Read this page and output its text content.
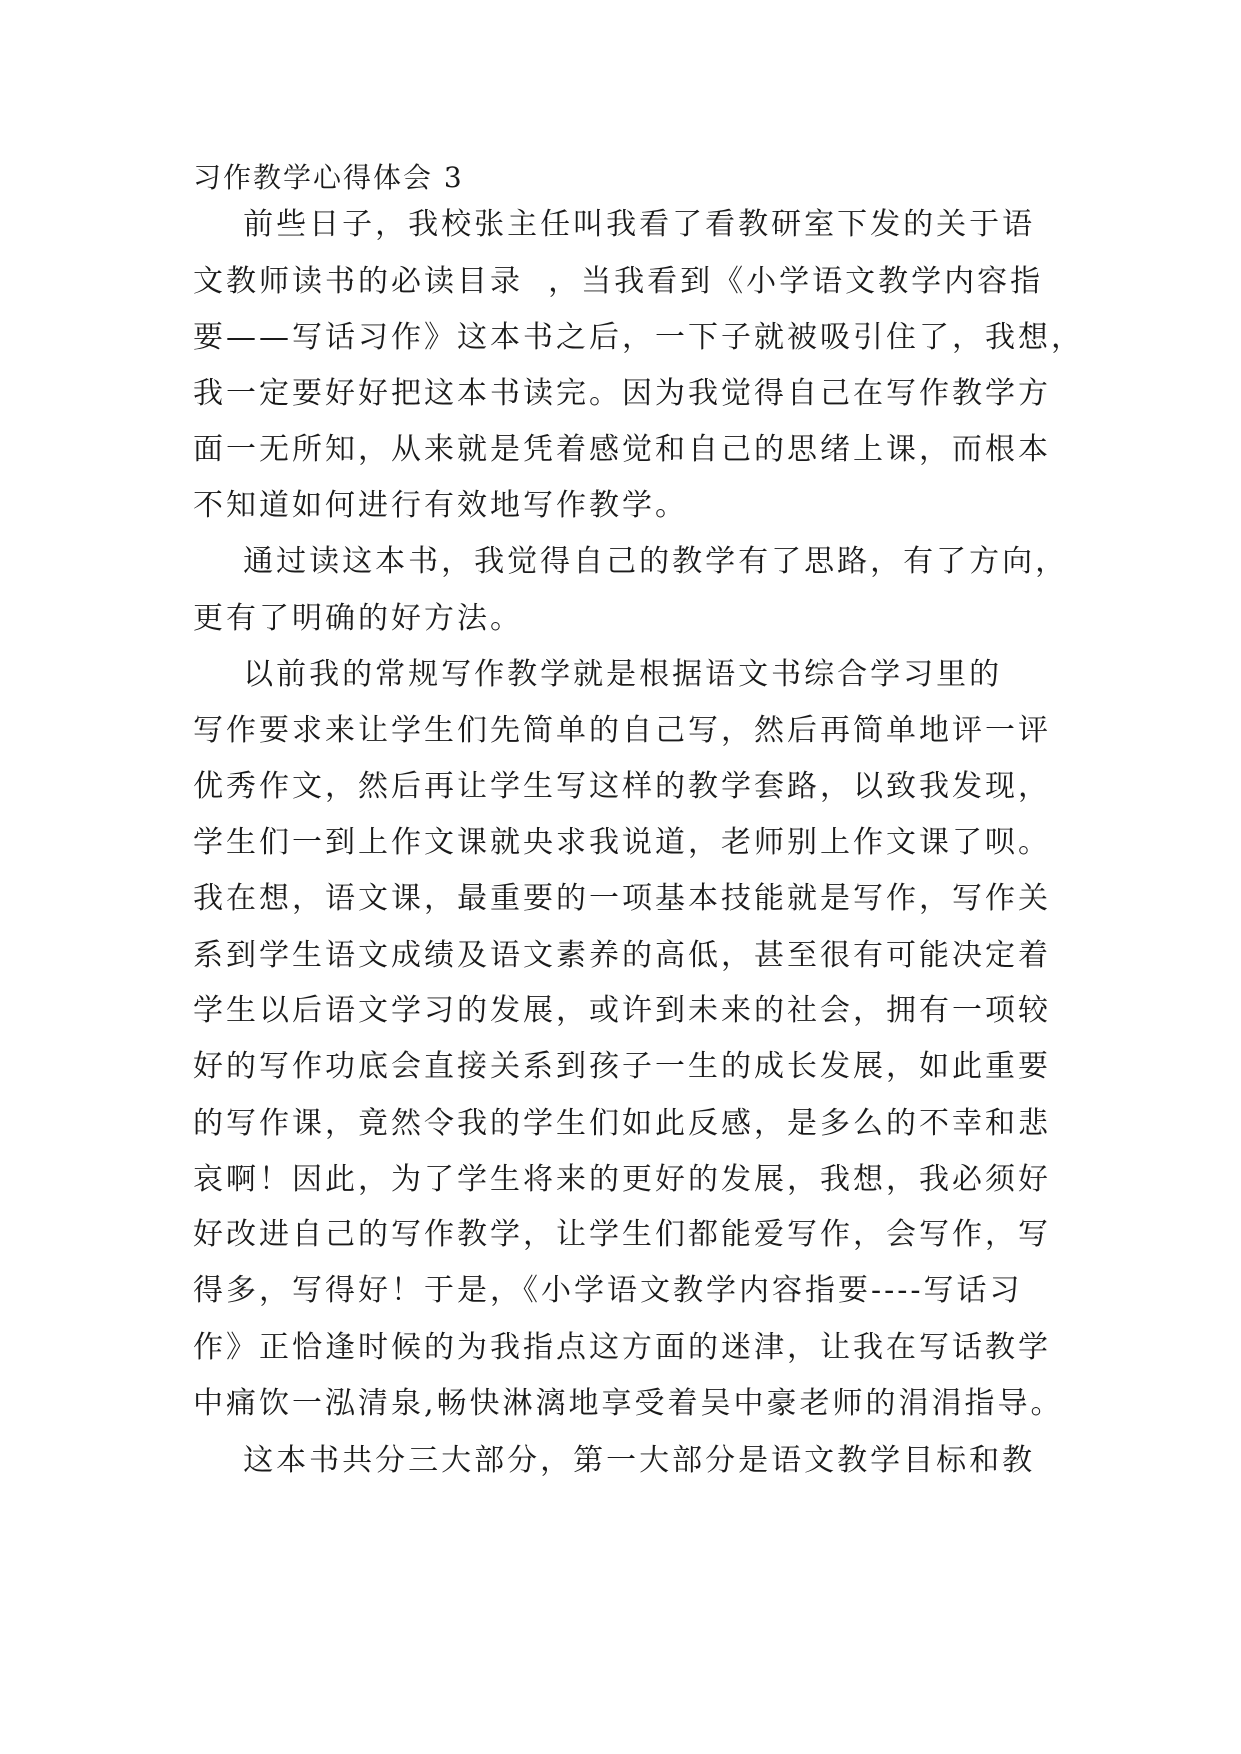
习作教学心得体会 3
前些日子，我校张主任叫我看了看教研室下发的关于语
文教师读书的必读目录  ，当我看到《小学语文教学内容指
要——写话习作》这本书之后，一下子就被吸引住了，我想，
我一定要好好把这本书读完。因为我觉得自己在写作教学方
面一无所知，从来就是凭着感觉和自己的思绪上课，而根本
不知道如何进行有效地写作教学。
通过读这本书，我觉得自己的教学有了思路，有了方向，
更有了明确的好方法。
以前我的常规写作教学就是根据语文书综合学习里的
写作要求来让学生们先简单的自己写，然后再简单地评一评
优秀作文，然后再让学生写这样的教学套路，以致我发现，
学生们一到上作文课就央求我说道，老师别上作文课了呗。
我在想，语文课，最重要的一项基本技能就是写作，写作关
系到学生语文成绩及语文素养的高低，甚至很有可能决定着
学生以后语文学习的发展，或许到未来的社会，拥有一项较
好的写作功底会直接关系到孩子一生的成长发展，如此重要
的写作课，竟然令我的学生们如此反感，是多么的不幸和悲
哀啊！因此，为了学生将来的更好的发展，我想，我必须好
好改进自己的写作教学，让学生们都能爱写作，会写作，写
得多，写得好！于是，《小学语文教学内容指要----写话习
作》正恰逢时候的为我指点这方面的迷津，让我在写话教学
中痛饮一泓清泉,畅快淋漓地享受着吴中豪老师的涓涓指导。
这本书共分三大部分，第一大部分是语文教学目标和教
